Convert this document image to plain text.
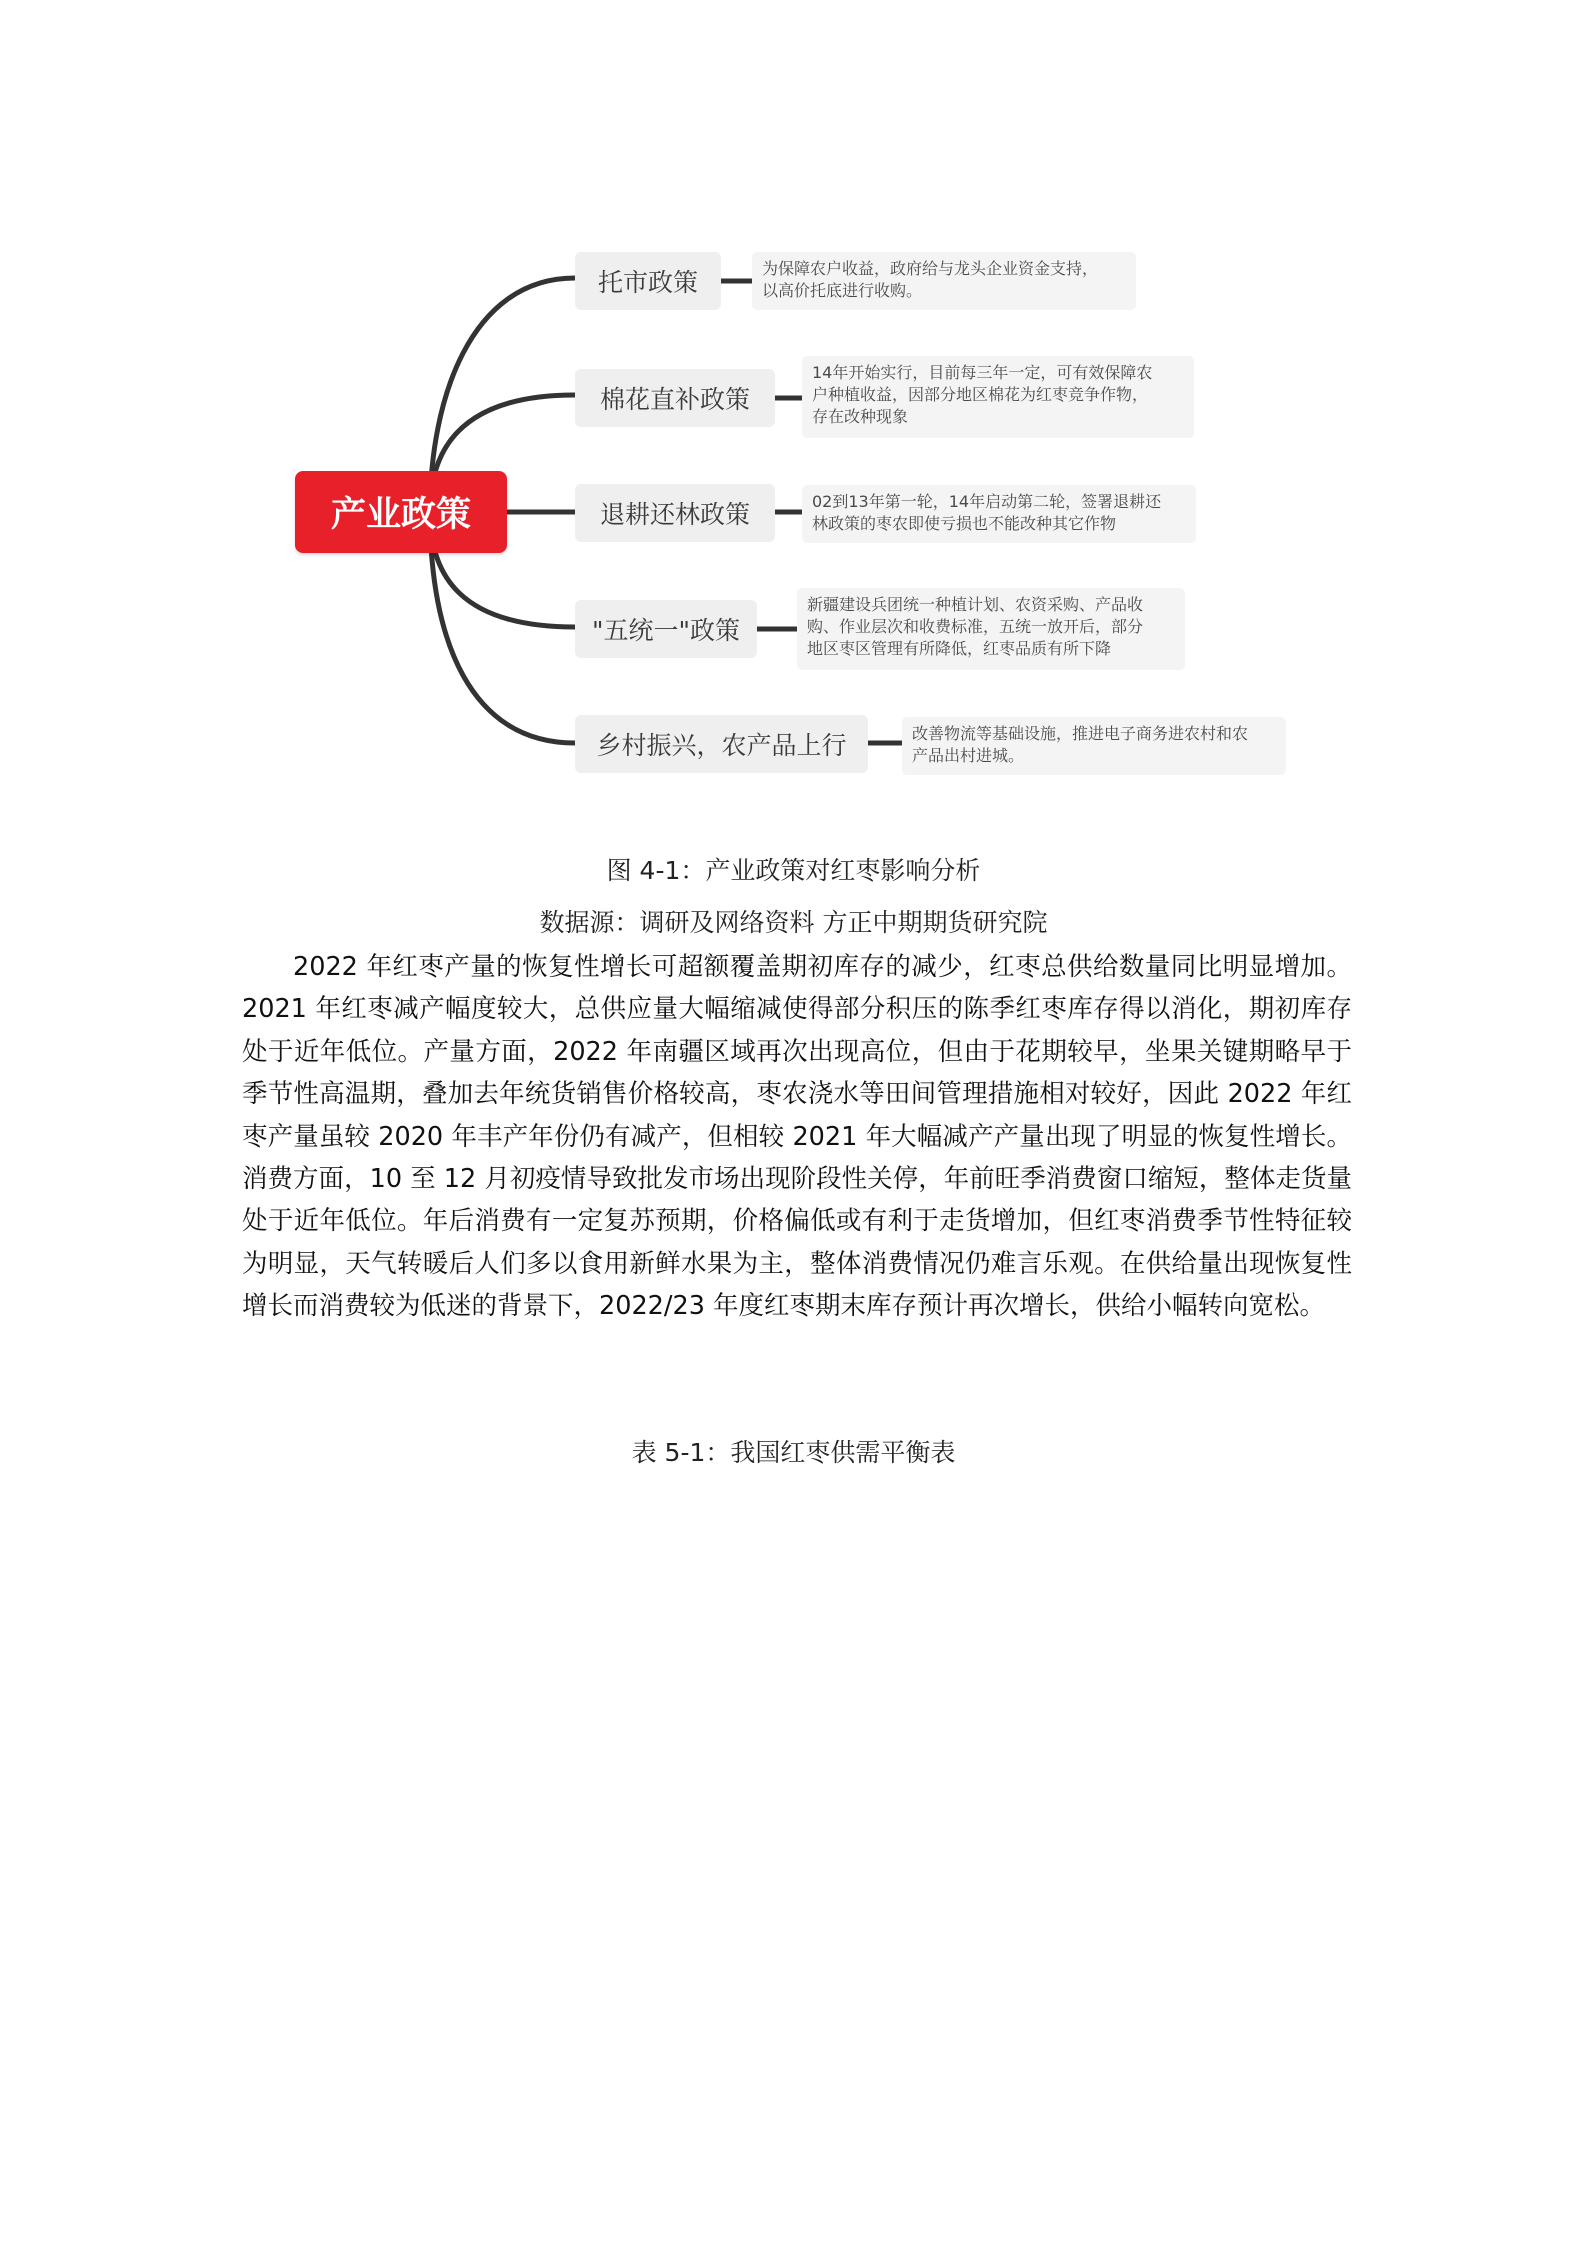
产业政策
托市政策
棉花直补政策
退耕还林政策
"五统一"政策
乡村振兴，农产品上行
为保障农户收益，政府给与龙头企业资金支持，
以高价托底进行收购。
14年开始实行，目前每三年一定，可有效保障农
户种植收益，因部分地区棉花为红枣竞争作物，
存在改种现象
02到13年第一轮，14年启动第二轮，签署退耕还
林政策的枣农即使亏损也不能改种其它作物
新疆建设兵团统一种植计划、农资采购、产品收
购、作业层次和收费标准，五统一放开后，部分
地区枣区管理有所降低，红枣品质有所下降
改善物流等基础设施，推进电子商务进农村和农
产品出村进城。
图 4-1：产业政策对红枣影响分析
数据源：调研及网络资料 方正中期期货研究院

2022 年红枣产量的恢复性增长可超额覆盖期初库存的减少，红枣总供给数量同比明显增加。2021 年红枣减产幅度较大，总供应量大幅缩减使得部分积压的陈季红枣库存得以消化，期初库存处于近年低位。产量方面，2022 年南疆区域再次出现高位，但由于花期较早，坐果关键期略早于季节性高温期，叠加去年统货销售价格较高，枣农浇水等田间管理措施相对较好，因此 2022 年红枣产量虽较 2020 年丰产年份仍有减产，但相较 2021 年大幅减产产量出现了明显的恢复性增长。消费方面，10 至 12 月初疫情导致批发市场出现阶段性关停，年前旺季消费窗口缩短，整体走货量处于近年低位。年后消费有一定复苏预期，价格偏低或有利于走货增加，但红枣消费季节性特征较为明显，天气转暖后人们多以食用新鲜水果为主，整体消费情况仍难言乐观。在供给量出现恢复性增长而消费较为低迷的背景下，2022/23 年度红枣期末库存预计再次增长，供给小幅转向宽松。

表 5-1：我国红枣供需平衡表
